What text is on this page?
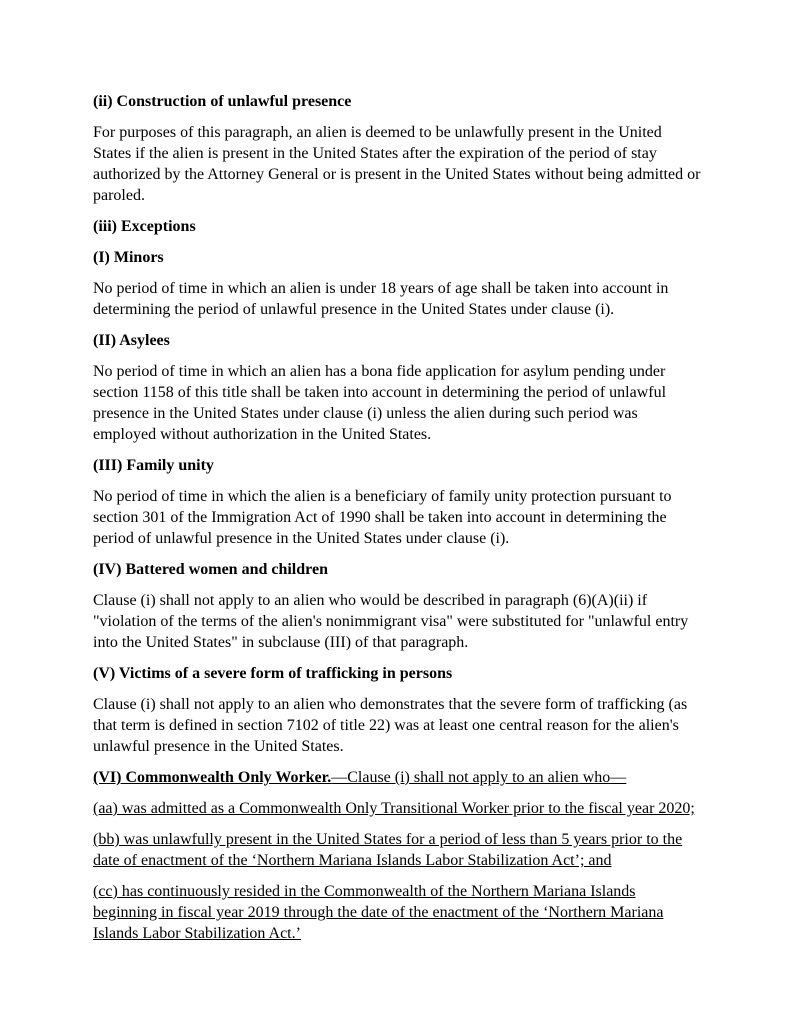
(ii) Construction of unlawful presence
For purposes of this paragraph, an alien is deemed to be unlawfully present in the United States if the alien is present in the United States after the expiration of the period of stay authorized by the Attorney General or is present in the United States without being admitted or paroled.
(iii) Exceptions
(I) Minors
No period of time in which an alien is under 18 years of age shall be taken into account in determining the period of unlawful presence in the United States under clause (i).
(II) Asylees
No period of time in which an alien has a bona fide application for asylum pending under section 1158 of this title shall be taken into account in determining the period of unlawful presence in the United States under clause (i) unless the alien during such period was employed without authorization in the United States.
(III) Family unity
No period of time in which the alien is a beneficiary of family unity protection pursuant to section 301 of the Immigration Act of 1990 shall be taken into account in determining the period of unlawful presence in the United States under clause (i).
(IV) Battered women and children
Clause (i) shall not apply to an alien who would be described in paragraph (6)(A)(ii) if "violation of the terms of the alien's nonimmigrant visa" were substituted for "unlawful entry into the United States" in subclause (III) of that paragraph.
(V) Victims of a severe form of trafficking in persons
Clause (i) shall not apply to an alien who demonstrates that the severe form of trafficking (as that term is defined in section 7102 of title 22) was at least one central reason for the alien's unlawful presence in the United States.
(VI) Commonwealth Only Worker.—Clause (i) shall not apply to an alien who—
(aa) was admitted as a Commonwealth Only Transitional Worker prior to the fiscal year 2020;
(bb) was unlawfully present in the United States for a period of less than 5 years prior to the date of enactment of the ‘Northern Mariana Islands Labor Stabilization Act’; and
(cc) has continuously resided in the Commonwealth of the Northern Mariana Islands beginning in fiscal year 2019 through the date of the enactment of the ‘Northern Mariana Islands Labor Stabilization Act.’
